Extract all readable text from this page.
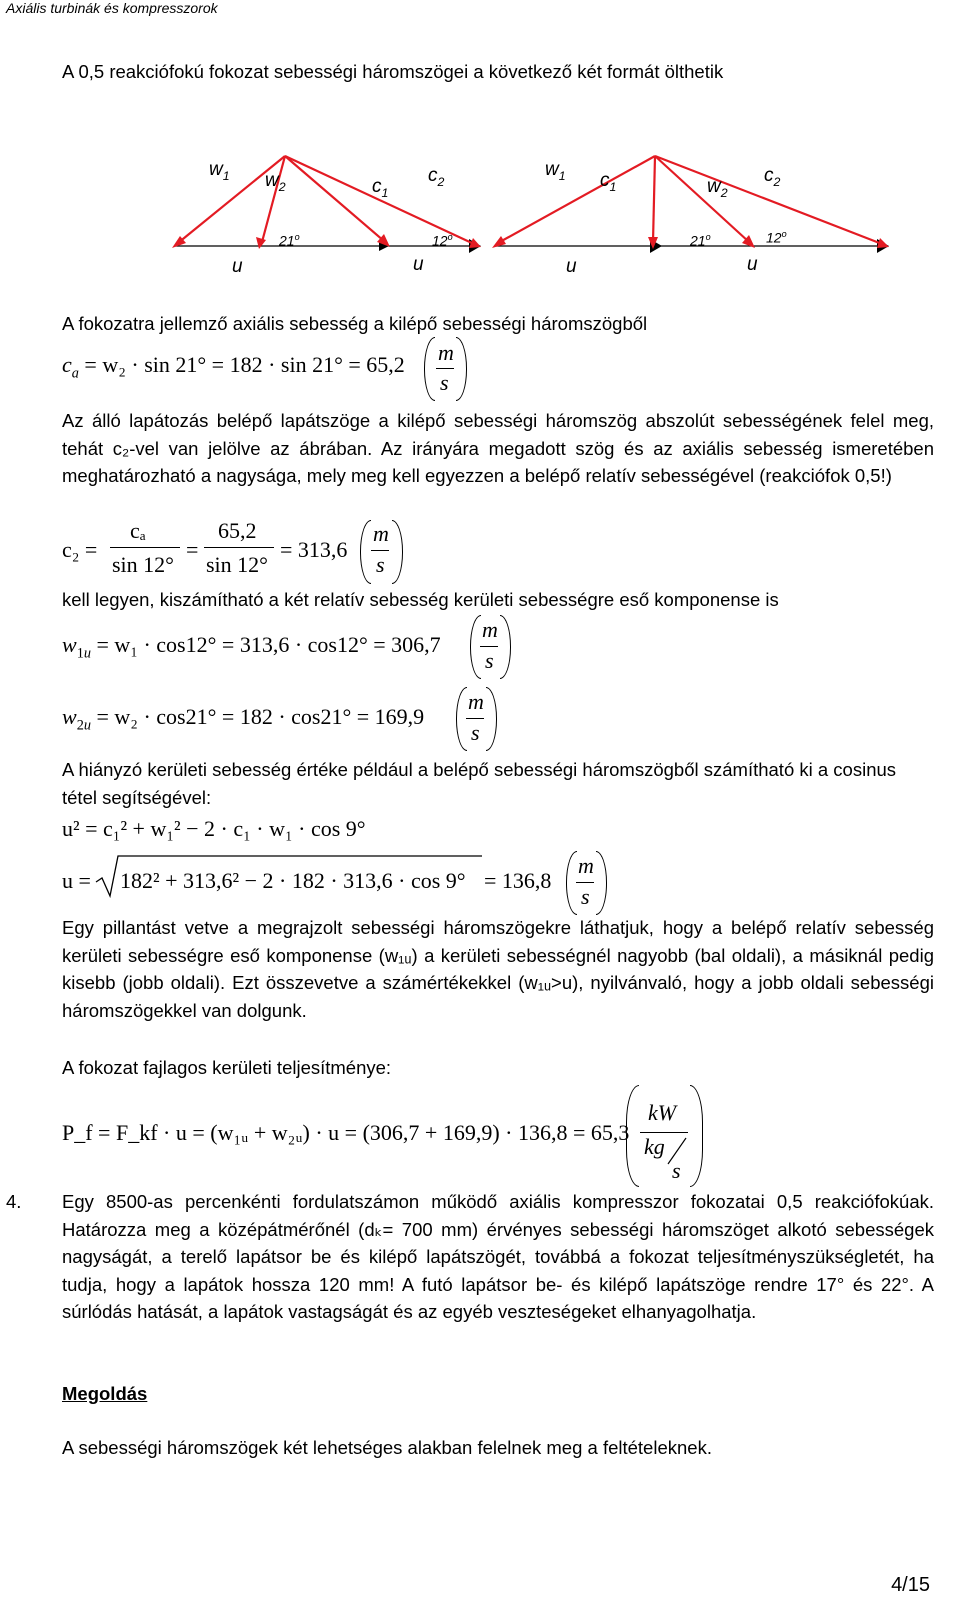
Axiális turbinák és kompresszorok
A 0,5 reakciófokú fokozat sebességi háromszögei a következő két formát ölthetik
$w_1$ $w_2$	$c_1$
$c_2$
21$^o$	12$^o$
u	u
$w_1$ $c_1$	$w_2$
$c_2$
21$^o$	12$^o$
u	u
A fokozatra jellemző axiális sebesség a kilépő sebességi háromszögből
$c_a = w_2 \cdot \sin 21^\circ = 182 \cdot \sin 21^\circ = 65,2$ m
s
Az álló lapátozás belépő lapátszöge a kilépő sebességi háromszög abszolút sebességének felel meg, tehát c₂-vel van jelölve az ábrában. Az irányára megadott szög és az axiális sebesség ismeretében meghatározható a nagysága, mely meg kell egyezzen a belépő relatív sebességével (reakciófok 0,5!)
c₂ =
cₐ
sin 12°
=
65,2
sin 12°
= 313,6
m
s
kell legyen, kiszámítható a két relatív sebesség kerületi sebességre eső komponense is
$w_{1u} = w_1 \cdot \cos 12^\circ = 313,6 \cdot \cos 12^\circ = 306,7$
m
s
$w_{2u} = w_2 \cdot \cos 21^\circ = 182 \cdot \cos 21^\circ = 169,9$
m
s
A hiányzó kerületi sebesség értéke például a belépő sebességi háromszögből számítható ki a cosinus tétel segítségével:
u² = c₁² + w₁² − 2 · c₁ · w₁ · cos 9°
u = 182² + 313,6² − 2 · 182 · 313,6 · cos 9° = 136,8
m
s
Egy pillantást vetve a megrajzolt sebességi háromszögekre láthatjuk, hogy a belépő relatív sebesség kerületi sebességre eső komponense (w₁ᵤ) a kerületi sebességnél nagyobb (bal oldali), a másiknál pedig kisebb (jobb oldali). Ezt összevetve a számértékekkel (w₁ᵤ>u), nyilvánvaló, hogy a jobb oldali sebességi háromszögekkel van dolgunk.
A fokozat fajlagos kerületi teljesítménye:
P_f = F_kf · u = (w₁ᵤ + w₂ᵤ) · u = (306,7 + 169,9) · 136,8 = 65,3
kW
kg
s
4. Egy 8500-as percenkénti fordulatszámon működő axiális kompresszor fokozatai 0,5 reakciófokúak. Határozza meg a középátmérőnél (dₖ= 700 mm) érvényes sebességi háromszöget alkotó sebességek nagyságát, a terelő lapátsor be és kilépő lapátszögét, továbbá a fokozat teljesítményszükségletét, ha tudja, hogy a lapátok hossza 120 mm! A futó lapátsor be- és kilépő lapátszöge rendre 17° és 22°. A súrlódás hatását, a lapátok vastagságát és az egyéb veszteségeket elhanyagolhatja.
Megoldás
A sebességi háromszögek két lehetséges alakban felelnek meg a feltételeknek.
4/15
